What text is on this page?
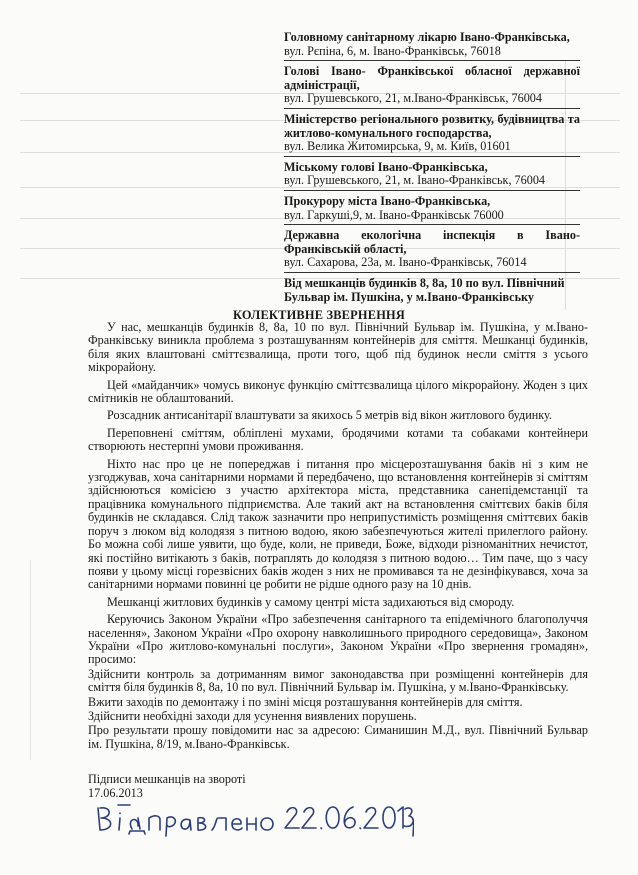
Головному санітарному лікарю Івано-Франківська,
вул. Рєпіна, 6, м. Івано-Франківськ, 76018
Голові Івано- Франківської обласної державної адміністрації,
вул. Грушевського, 21, м.Івано-Франківськ, 76004
Міністерство регіонального розвитку, будівництва та житлово-комунального господарства,
вул. Велика Житомирська, 9, м. Київ, 01601
Міському голові Івано-Франківська,
вул. Грушевського, 21, м. Івано-Франківськ, 76004
Прокурору міста Івано-Франківська,
вул. Гаркуші,9, м. Івано-Франківськ 76000
Державна екологічна інспекція в Івано-Франківській області,
вул. Сахарова, 23а, м. Івано-Франківськ, 76014
Від мешканців будинків 8, 8а, 10 по вул. Північний Бульвар ім. Пушкіна, у м.Івано-Франківську
КОЛЕКТИВНЕ ЗВЕРНЕННЯ

У нас, мешканців будинків 8, 8а, 10 по вул. Північний Бульвар ім. Пушкіна, у м.Івано-Франківську виникла проблема з розташуванням контейнерів для сміття. Мешканці будинків, біля яких влаштовані сміттєзвалища, проти того, щоб під будинок несли сміття з усього мікрорайону.

Цей «майданчик» чомусь виконує функцію сміттєзвалища цілого мікрорайону. Жоден з цих смітників не облаштований.

Розсадник антисанітарії влаштувати за якихось 5 метрів від вікон житлового будинку.

Переповнені сміттям, обліплені мухами, бродячими котами та собаками контейнери створюють нестерпні умови проживання.

Ніхто нас про це не попереджав і питання про місцерозташування баків ні з ким не узгоджував, хоча санітарними нормами й передбачено, що встановлення контейнерів зі сміттям здійснюються комісією з участю архітектора міста, представника санепідемстанції та працівника комунального підприємства. Але такий акт на встановлення сміттєвих баків біля будинків не складався. Слід також зазначити про неприпустимість розміщення сміттєвих баків поруч з люком від колодязя з питною водою, якою забезпечуються жителі прилеглого району. Бо можна собі лише уявити, що буде, коли, не приведи, Боже, відходи різноманітних нечистот, які постійно витікають з баків, потраплять до колодязя з питною водою… Тим паче, що з часу появи у цьому місці горезвісних баків жоден з них не промивався та не дезінфікувався, хоча за санітарними нормами повинні це робити не рідше одного разу на 10 днів.

Мешканці житлових будинків у самому центрі міста задихаються від смороду.

Керуючись Законом України «Про забезпечення санітарного та епідемічного благополуччя населення», Законом України «Про охорону навколишнього природного середовища», Законом України «Про житлово-комунальні послуги», Законом України «Про звернення громадян», просимо:

Здійснити контроль за дотриманням вимог законодавства при розміщенні контейнерів для сміття біля будинків 8, 8а, 10 по вул. Північний Бульвар ім. Пушкіна, у м.Івано-Франківську.

Вжити заходів по демонтажу і по зміні місця розташування контейнерів для сміття.

Здійснити необхідні заходи для усунення виявлених порушень.

Про результати прошу повідомити нас за адресою: Симанишин М.Д., вул. Північний Бульвар ім. Пушкіна, 8/19, м.Івано-Франківськ.

Підписи мешканців на звороті
17.06.2013
